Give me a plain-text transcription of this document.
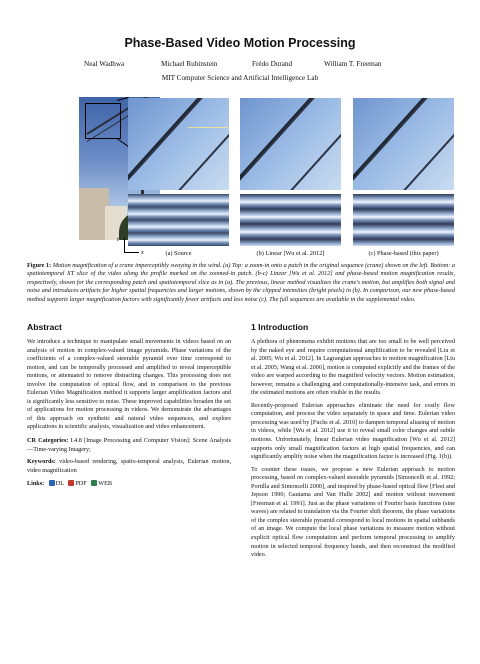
Phase-Based Video Motion Processing
Neal Wadhwa	Michael Rubinstein	Frédo Durand	William T. Freeman
MIT Computer Science and Artificial Intelligence Lab
t
x	(a) Source	(b) Linear [Wu et al. 2012]	(c) Phase-based (this paper)
Figure 1: Motion magnification of a crane imperceptibly swaying in the wind. (a) Top: a zoom-in onto a patch in the original sequence (crane) shown on the left. Bottom: a spatiotemporal XT slice of the video along the profile marked on the zoomed-in patch. (b-c) Linear [Wu et al. 2012] and phase-based motion magnification results, respectively, shown for the corresponding patch and spatiotemporal slice as in (a). The previous, linear method visualizes the crane's motion, but amplifies both signal and noise and introduces artifacts for higher spatial frequencies and larger motions, shown by the clipped intensities (bright pixels) in (b). In comparison, our new phase-based method supports larger magnification factors with significantly fewer artifacts and less noise (c). The full sequences are available in the supplemental video.
Abstract

We introduce a technique to manipulate small movements in videos based on an analysis of motion in complex-valued image pyramids. Phase variations of the coefficients of a complex-valued steerable pyramid over time correspond to motion, and can be temporally processed and amplified to reveal imperceptible motions, or attenuated to remove distracting changes. This processing does not involve the computation of optical flow, and in comparison to the previous Eulerian Video Magnification method it supports larger amplification factors and is significantly less sensitive to noise. These improved capabilities broaden the set of applications for motion processing in videos. We demonstrate the advantages of this approach on synthetic and natural video sequences, and explore applications in scientific analysis, visualization and video enhancement.

CR Categories: I.4.8 [Image Processing and Computer Vision]: Scene Analysis—Time-varying Imagery;

Keywords: video-based rendering, spatio-temporal analysis, Eulerian motion, video magnification

Links: DL PDF WEB

1 Introduction

A plethora of phenomena exhibit motions that are too small to be well perceived by the naked eye and require computational amplification to be revealed [Liu et al. 2005; Wu et al. 2012]. In Lagrangian approaches to motion magnification [Liu et al. 2005; Wang et al. 2006], motion is computed explicitly and the frames of the video are warped according to the magnified velocity vectors. Motion estimation, however, remains a challenging and computationally-intensive task, and errors in the estimated motions are often visible in the results.

Recently-proposed Eulerian approaches eliminate the need for costly flow computation, and process the video separately in space and time. Eulerian video processing was used by [Fuchs et al. 2010] to dampen temporal aliasing of motion in videos, while [Wu et al. 2012] use it to reveal small color changes and subtle motions. Unfortunately, linear Eulerian video magnification [Wu et al. 2012] supports only small magnification factors at high spatial frequencies, and can significantly amplify noise when the magnification factor is increased (Fig. 1(b)).

To counter these issues, we propose a new Eulerian approach to motion processing, based on complex-valued steerable pyramids [Simoncelli et al. 1992; Portilla and Simoncelli 2000], and inspired by phase-based optical flow [Fleet and Jepson 1990; Gautama and Van Hulle 2002] and motion without movement [Freeman et al. 1991]. Just as the phase variations of Fourier basis functions (sine waves) are related to translation via the Fourier shift theorem, the phase variations of the complex steerable pyramid correspond to local motions in spatial subbands of an image. We compute the local phase variations to measure motion without explicit optical flow computation and perform temporal processing to amplify motion in selected temporal frequency bands, and then reconstruct the modified video.
